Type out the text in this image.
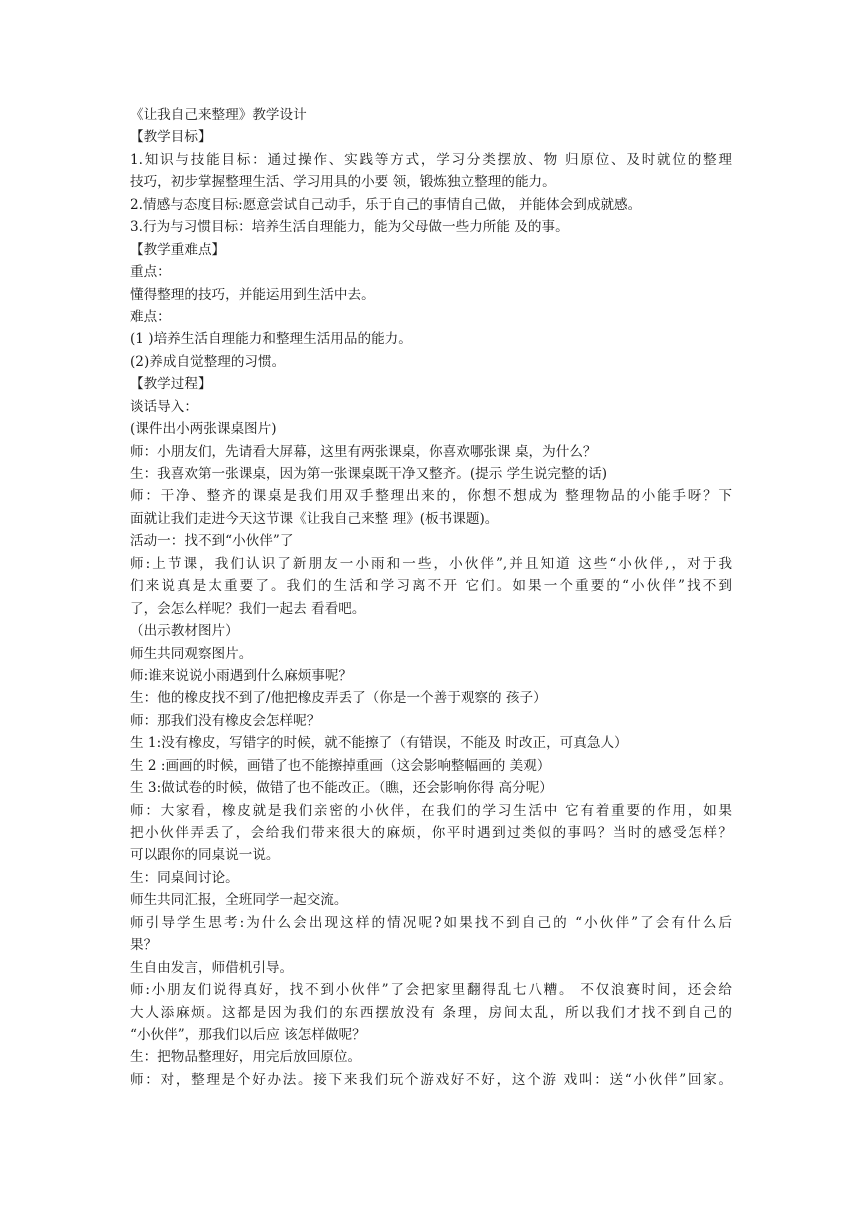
《让我自己来整理》教学设计
【教学目标】
1.知识与技能目标：通过操作、实践等方式，学习分类摆放、物 归原位、及时就位的整理
技巧，初步掌握整理生活、学习用具的小要 领，锻炼独立整理的能力。
2.情感与态度目标:愿意尝试自己动手，乐于自己的事情自己做， 并能体会到成就感。
3.行为与习惯目标：培养生活自理能力，能为父母做一些力所能 及的事。
【教学重难点】
重点：
懂得整理的技巧，并能运用到生活中去。
难点：
(1 )培养生活自理能力和整理生活用品的能力。
(2)养成自觉整理的习惯。
【教学过程】
谈话导入：
(课件出小两张课桌图片)
师：小朋友们，先请看大屏幕，这里有两张课桌，你喜欢哪张课 桌，为什么？
生：我喜欢第一张课桌，因为第一张课桌既干净又整齐。(提示 学生说完整的话)
师：干净、整齐的课桌是我们用双手整理出来的，你想不想成为 整理物品的小能手呀？下
面就让我们走进今天这节课《让我自己来整 理》(板书课题)。
活动一：找不到“小伙伴”了
师:上节课，我们认识了新朋友一小雨和一些，小伙伴”,并且知道 这些“小伙伴,，对于我
们来说真是太重要了。我们的生活和学习离不开 它们。如果一个重要的“小伙伴”找不到
了，会怎么样呢？我们一起去 看看吧。
（出示教材图片）
师生共同观察图片。
师:谁来说说小雨遇到什么麻烦事呢？
生：他的橡皮找不到了/他把橡皮弄丢了（你是一个善于观察的 孩子）
师：那我们没有橡皮会怎样呢？
生 1:没有橡皮，写错字的时候，就不能擦了（有错误，不能及 时改正，可真急人）
生 2 :画画的时候，画错了也不能擦掉重画（这会影响整幅画的 美观）
生 3:做试卷的时候，做错了也不能改正。（瞧，还会影响你得 高分呢）
师：大家看，橡皮就是我们亲密的小伙伴，在我们的学习生活中 它有着重要的作用，如果
把小伙伴弄丢了，会给我们带来很大的麻烦，你平时遇到过类似的事吗？当时的感受怎样？
可以跟你的同桌说一说。
生：同桌间讨论。
师生共同汇报，全班同学一起交流。
师引导学生思考:为什么会出现这样的情况呢?如果找不到自己的 “小伙伴”了会有什么后
果？
生自由发言，师借机引导。
师:小朋友们说得真好，找不到小伙伴”了会把家里翻得乱七八糟。 不仅浪赛时间，还会给
大人添麻烦。这都是因为我们的东西摆放没有 条理，房间太乱，所以我们才找不到自己的
“小伙伴”，那我们以后应 该怎样做呢？
生：把物品整理好，用完后放回原位。
师：对，整理是个好办法。接下来我们玩个游戏好不好，这个游 戏叫：送“小伙伴”回家。
